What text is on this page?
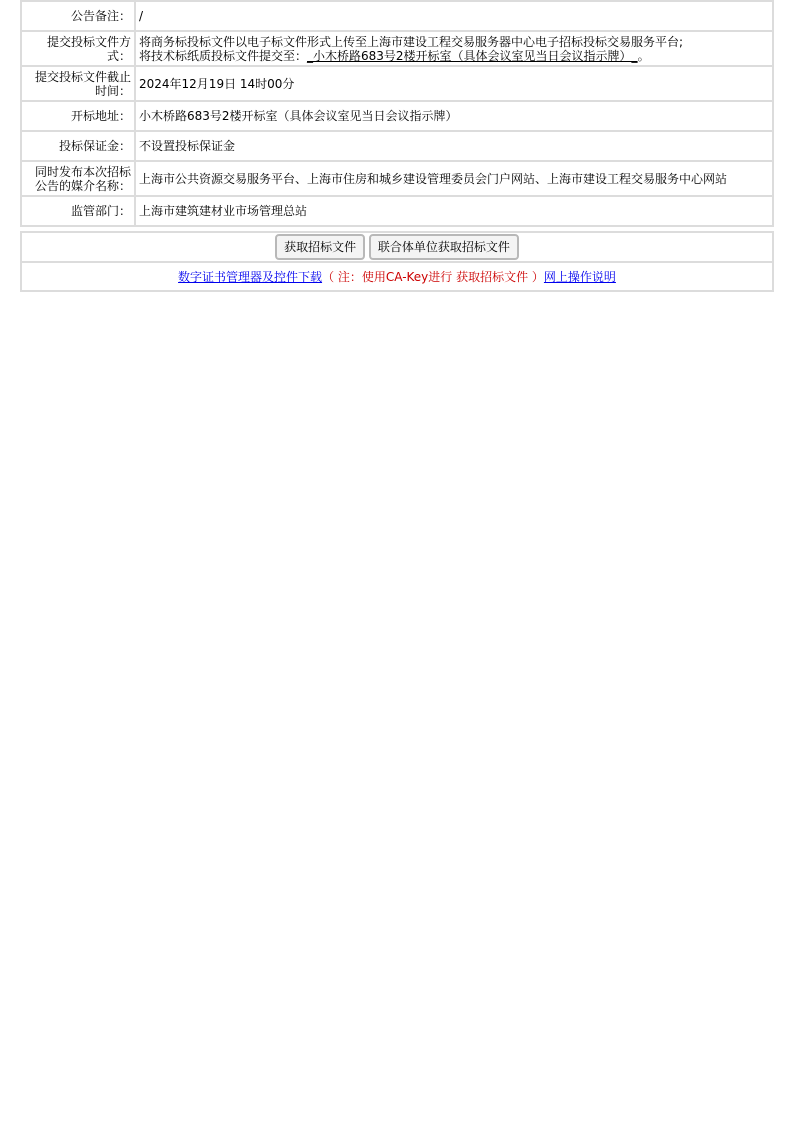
公告备注：	/
提交投标文件方式：	将商务标投标文件以电子标文件形式上传至上海市建设工程交易服务器中心电子招标投标交易服务平台;
将技术标纸质投标文件提交至：_小木桥路683号2楼开标室（具体会议室见当日会议指示牌）_。

提交投标文件截止时间：	2024年12月19日 14时00分
开标地址：	小木桥路683号2楼开标室（具体会议室见当日会议指示牌）
投标保证金：	不设置投标保证金
同时发布本次招标公告的媒介名称：	上海市公共资源交易服务平台、上海市住房和城乡建设管理委员会门户网站、上海市建设工程交易服务中心网站
监管部门：	上海市建筑建材业市场管理总站
获取招标文件 联合体单位获取招标文件
数字证书管理器及控件下载（ 注：使用CA-Key进行 获取招标文件 ）网上操作说明
